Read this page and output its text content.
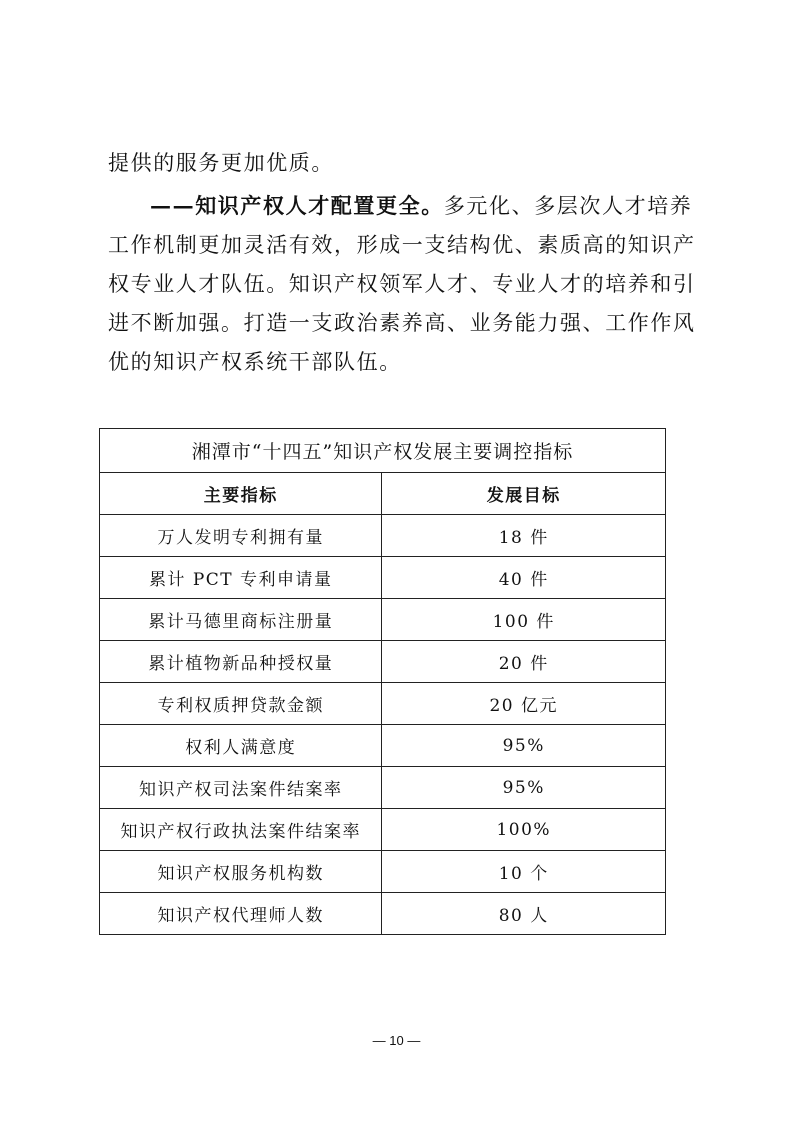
提供的服务更加优质。

——知识产权人才配置更全。多元化、多层次人才培养工作机制更加灵活有效，形成一支结构优、素质高的知识产权专业人才队伍。知识产权领军人才、专业人才的培养和引进不断加强。打造一支政治素养高、业务能力强、工作作风优的知识产权系统干部队伍。

湘潭市“十四五”知识产权发展主要调控指标	
主要指标	发展目标
万人发明专利拥有量	18 件
累计 PCT 专利申请量	40 件
累计马德里商标注册量	100 件
累计植物新品种授权量	20 件
专利权质押贷款金额	20 亿元
权利人满意度	95%
知识产权司法案件结案率	95%
知识产权行政执法案件结案率	100%
知识产权服务机构数	10 个
知识产权代理师人数	80 人
— 10 —
